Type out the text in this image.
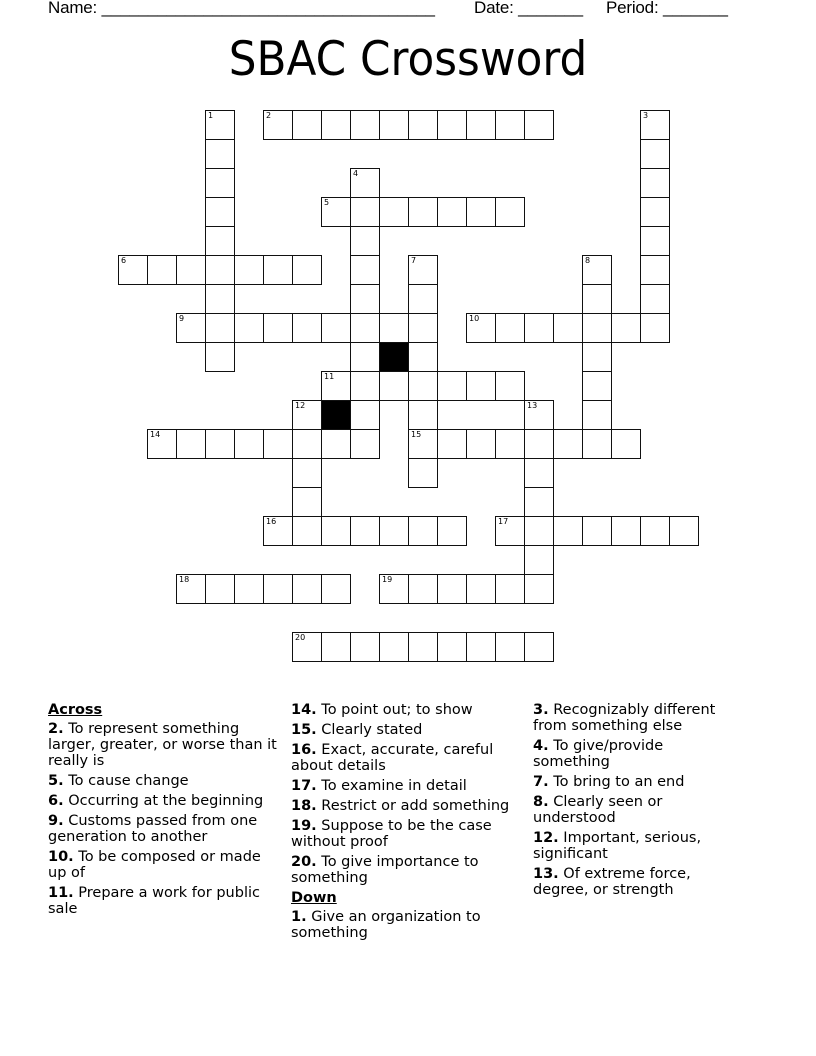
Name: ____________________________________ Date: _______ Period: _______
SBAC Crossword
1	2	3
4
5
6	7
15
8
9	10
11
12	13
14
16	17
18	19
20
Across
2. To represent something larger, greater, or worse than it really is
5. To cause change
6. Occurring at the beginning
9. Customs passed from one generation to another
10. To be composed or made up of
11. Prepare a work for public sale
14. To point out; to show
15. Clearly stated
16. Exact, accurate, careful about details
17. To examine in detail
18. Restrict or add something
19. Suppose to be the case without proof
20. To give importance to something
Down
1. Give an organization to something
3. Recognizably different from something else
4. To give/provide something
7. To bring to an end
8. Clearly seen or understood
12. Important, serious, significant
13. Of extreme force, degree, or strength
